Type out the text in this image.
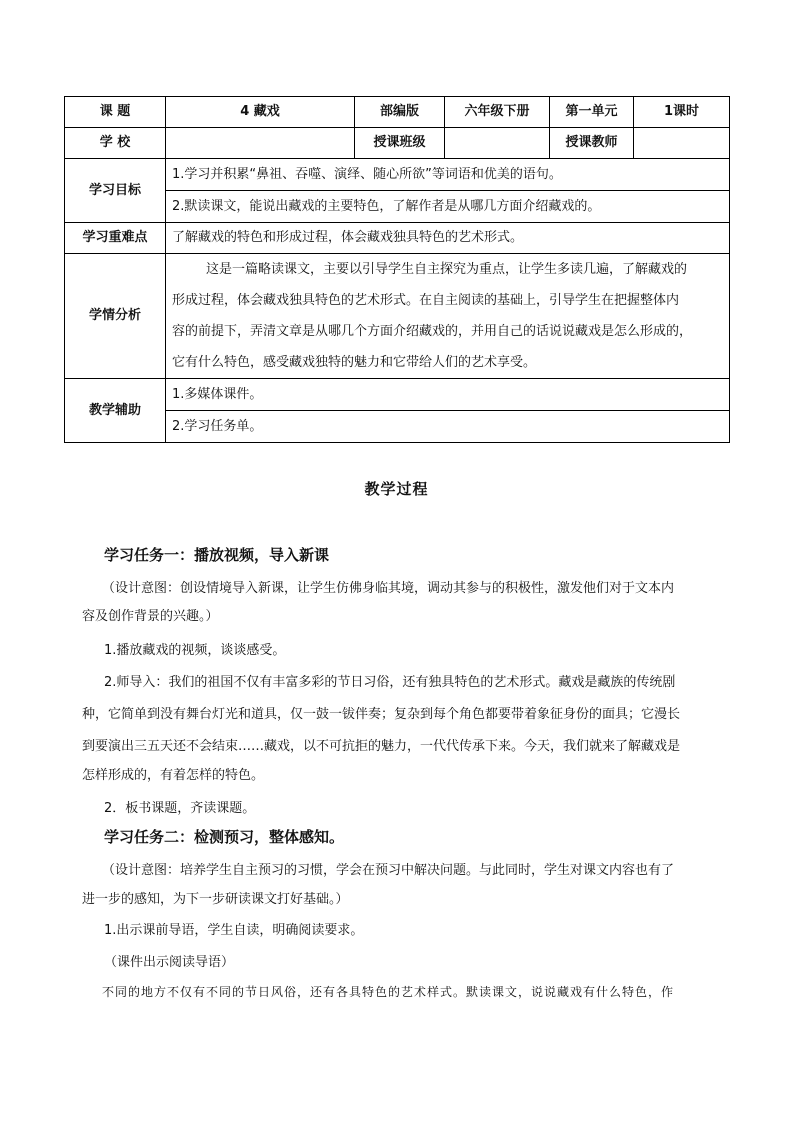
课 题	4 藏戏	部编版	六年级下册	第一单元	1课时
学 校		授课班级		授课教师	
学习目标	1.学习并积累“鼻祖、吞噬、演绎、随心所欲”等词语和优美的语句。
2.默读课文，能说出藏戏的主要特色，了解作者是从哪几方面介绍藏戏的。				

学习重难点	了解藏戏的特色和形成过程，体会藏戏独具特色的艺术形式。				
学情分析	这是一篇略读课文，主要以引导学生自主探究为重点，让学生多读几遍，了解藏戏的
形成过程，体会藏戏独具特色的艺术形式。在自主阅读的基础上，引导学生在把握整体内
容的前提下，弄清文章是从哪几个方面介绍藏戏的，并用自己的话说说藏戏是怎么形成的，
它有什么特色，感受藏戏独特的魅力和它带给人们的艺术享受。				

教学辅助	1.多媒体课件。
2.学习任务单。				
教学过程
学习任务一：播放视频，导入新课
（设计意图：创设情境导入新课，让学生仿佛身临其境，调动其参与的积极性，激发他们对于文本内
容及创作背景的兴趣。）
1.播放藏戏的视频，谈谈感受。
2.师导入：我们的祖国不仅有丰富多彩的节日习俗，还有独具特色的艺术形式。藏戏是藏族的传统剧
种，它简单到没有舞台灯光和道具，仅一鼓一钹伴奏；复杂到每个角色都要带着象征身份的面具；它漫长
到要演出三五天还不会结束……藏戏，以不可抗拒的魅力，一代代传承下来。今天，我们就来了解藏戏是
怎样形成的，有着怎样的特色。
2．板书课题，齐读课题。
学习任务二：检测预习，整体感知。
（设计意图：培养学生自主预习的习惯，学会在预习中解决问题。与此同时，学生对课文内容也有了
进一步的感知，为下一步研读课文打好基础。）
1.出示课前导语，学生自读，明确阅读要求。
（课件出示阅读导语）
不同的地方不仅有不同的节日风俗，还有各具特色的艺术样式。默读课文，说说藏戏有什么特色，作
